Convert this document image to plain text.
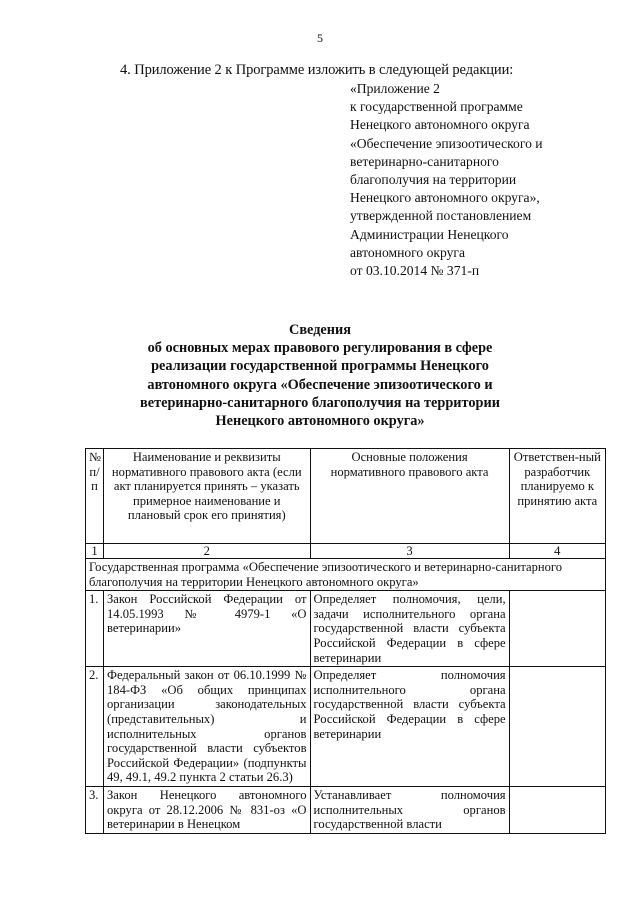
5
4. Приложение 2 к Программе изложить в следующей редакции:
«Приложение 2
к государственной программе
Ненецкого автономного округа
«Обеспечение эпизоотического и
ветеринарно-санитарного
благополучия на территории
Ненецкого автономного округа»,
утвержденной постановлением
Администрации Ненецкого
автономного округа
от 03.10.2014 № 371-п
Сведения
об основных мерах правового регулирования в сфере
реализации государственной программы Ненецкого
автономного округа «Обеспечение эпизоотического и
ветеринарно-санитарного благополучия на территории
Ненецкого автономного округа»
№ п/п	Наименование и реквизиты нормативного правового акта (если акт планируется принять – указать примерное наименование и плановый срок его принятия)	Основные положения нормативного правового акта	Ответствен-ный разработчик планируемо к принятию акта
1	2	3	4
Государственная программа «Обеспечение эпизоотического и ветеринарно-санитарного благополучия на территории Ненецкого автономного округа»			
1.	Закон Российской Федерации от 14.05.1993 № 4979-1 «О ветеринарии»	Определяет полномочия, цели, задачи исполнительного органа государственной власти субъекта Российской Федерации в сфере ветеринарии	
2.	Федеральный закон от 06.10.1999 № 184-ФЗ «Об общих принципах организации законодательных (представительных) и исполнительных органов государственной власти субъектов Российской Федерации» (подпункты 49, 49.1, 49.2 пункта 2 статьи 26.3)	Определяет полномочия исполнительного органа государственной власти субъекта Российской Федерации в сфере ветеринарии	
3.	Закон Ненецкого автономного округа от 28.12.2006 № 831-оз «О ветеринарии в Ненецком	Устанавливает полномочия исполнительных органов государственной власти	
